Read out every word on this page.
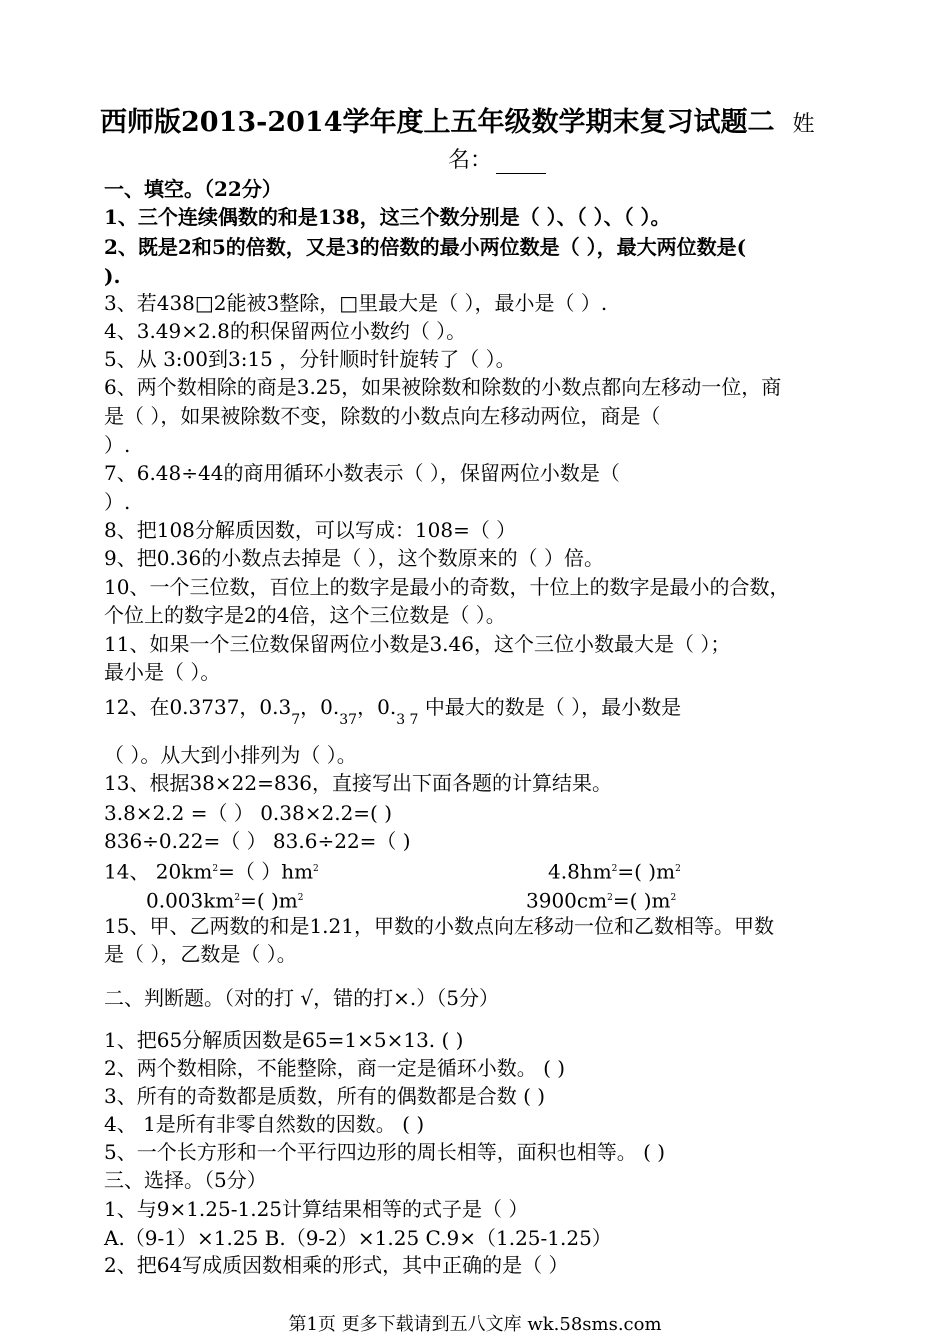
西师版2013-2014学年度上五年级数学期末复习试题二 姓
名：
一、填空。（22分）
1、三个连续偶数的和是138，这三个数分别是（ ）、（ ）、（ ）。
2、既是2和5的倍数，又是3的倍数的最小两位数是（ ），最大两位数是(
).
3、若438□2能被3整除，□里最大是（ ），最小是（ ）.
4、3.49×2.8的积保留两位小数约（ ）。
5、从 3:00到3:15 ，分针顺时针旋转了（ ）。
6、两个数相除的商是3.25，如果被除数和除数的小数点都向左移动一位，商
是（ ），如果被除数不变，除数的小数点向左移动两位，商是（
）.
7、6.48÷44的商用循环小数表示（ ），保留两位小数是（
）.
8、把108分解质因数，可以写成：108=（ ）
9、把0.36的小数点去掉是（ ），这个数原来的（ ）倍。
10、一个三位数，百位上的数字是最小的奇数，十位上的数字是最小的合数，
个位上的数字是2的4倍，这个三位数是（ ）。
11、如果一个三位数保留两位小数是3.46，这个三位小数最大是（ ）；
最小是（ ）。
12、在0.3737，$0.3_7$，$0._{37}$，$0._{3 7}$ 中最大的数是（ ），最小数是
（ ）。从大到小排列为（ ）。
13、根据38×22=836，直接写出下面各题的计算结果。
3.8×2.2 =（ ） 0.38×2.2=( )
836÷0.22=（ ） 83.6÷22=（ )
14、 $20km^2=$（ ）$hm^2$	$4.8hm^2=$( )$m^2$
$0.003km^2=$( )$m^2$	$3900cm^2=$( )$m^2$
15、甲、乙两数的和是1.21，甲数的小数点向左移动一位和乙数相等。甲数
是（ ），乙数是（ ）。
二、判断题。（对的打 √，错的打×.）（5分）
1、把65分解质因数是65=1×5×13. ( )
2、两个数相除，不能整除，商一定是循环小数。 ( )
3、所有的奇数都是质数，所有的偶数都是合数 ( )
4、 1是所有非零自然数的因数。 ( )
5、一个长方形和一个平行四边形的周长相等，面积也相等。 ( )
三、选择。（5分）
1、与9×1.25-1.25计算结果相等的式子是（ ）
A.（9-1）×1.25 B.（9-2）×1.25 C.9×（1.25-1.25）
2、把64写成质因数相乘的形式，其中正确的是（ ）
第1页 更多下载请到五八文库 wk.58sms.com
